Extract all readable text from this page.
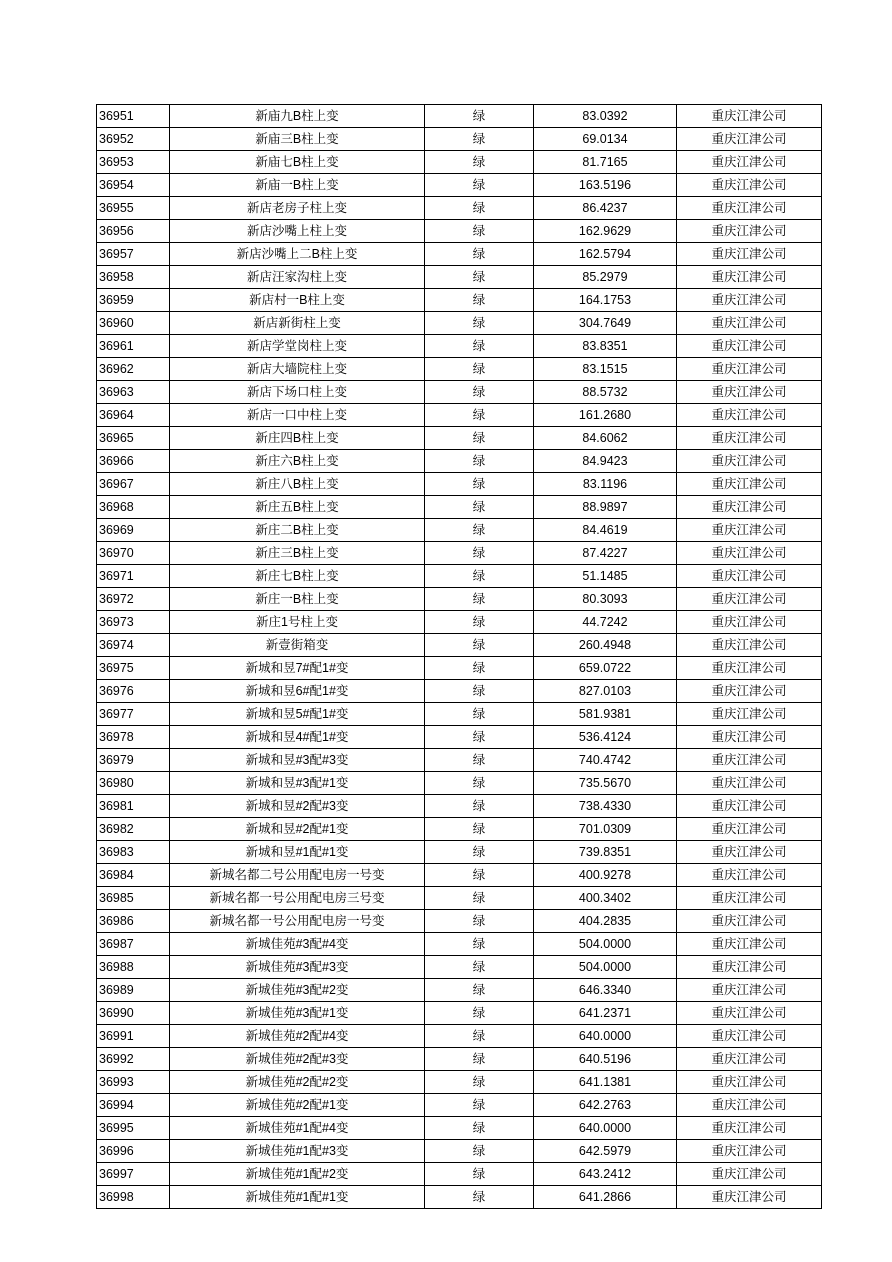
36951	新庙九B柱上变	绿	83.0392	重庆江津公司
36952	新庙三B柱上变	绿	69.0134	重庆江津公司
36953	新庙七B柱上变	绿	81.7165	重庆江津公司
36954	新庙一B柱上变	绿	163.5196	重庆江津公司
36955	新店老房子柱上变	绿	86.4237	重庆江津公司
36956	新店沙嘴上柱上变	绿	162.9629	重庆江津公司
36957	新店沙嘴上二B柱上变	绿	162.5794	重庆江津公司
36958	新店汪家沟柱上变	绿	85.2979	重庆江津公司
36959	新店村一B柱上变	绿	164.1753	重庆江津公司
36960	新店新街柱上变	绿	304.7649	重庆江津公司
36961	新店学堂岗柱上变	绿	83.8351	重庆江津公司
36962	新店大墙院柱上变	绿	83.1515	重庆江津公司
36963	新店下场口柱上变	绿	88.5732	重庆江津公司
36964	新店一口中柱上变	绿	161.2680	重庆江津公司
36965	新庄四B柱上变	绿	84.6062	重庆江津公司
36966	新庄六B柱上变	绿	84.9423	重庆江津公司
36967	新庄八B柱上变	绿	83.1196	重庆江津公司
36968	新庄五B柱上变	绿	88.9897	重庆江津公司
36969	新庄二B柱上变	绿	84.4619	重庆江津公司
36970	新庄三B柱上变	绿	87.4227	重庆江津公司
36971	新庄七B柱上变	绿	51.1485	重庆江津公司
36972	新庄一B柱上变	绿	80.3093	重庆江津公司
36973	新庄1号柱上变	绿	44.7242	重庆江津公司
36974	新壹街箱变	绿	260.4948	重庆江津公司
36975	新城和昱7#配1#变	绿	659.0722	重庆江津公司
36976	新城和昱6#配1#变	绿	827.0103	重庆江津公司
36977	新城和昱5#配1#变	绿	581.9381	重庆江津公司
36978	新城和昱4#配1#变	绿	536.4124	重庆江津公司
36979	新城和昱#3配#3变	绿	740.4742	重庆江津公司
36980	新城和昱#3配#1变	绿	735.5670	重庆江津公司
36981	新城和昱#2配#3变	绿	738.4330	重庆江津公司
36982	新城和昱#2配#1变	绿	701.0309	重庆江津公司
36983	新城和昱#1配#1变	绿	739.8351	重庆江津公司
36984	新城名都二号公用配电房一号变	绿	400.9278	重庆江津公司
36985	新城名都一号公用配电房三号变	绿	400.3402	重庆江津公司
36986	新城名都一号公用配电房一号变	绿	404.2835	重庆江津公司
36987	新城佳苑#3配#4变	绿	504.0000	重庆江津公司
36988	新城佳苑#3配#3变	绿	504.0000	重庆江津公司
36989	新城佳苑#3配#2变	绿	646.3340	重庆江津公司
36990	新城佳苑#3配#1变	绿	641.2371	重庆江津公司
36991	新城佳苑#2配#4变	绿	640.0000	重庆江津公司
36992	新城佳苑#2配#3变	绿	640.5196	重庆江津公司
36993	新城佳苑#2配#2变	绿	641.1381	重庆江津公司
36994	新城佳苑#2配#1变	绿	642.2763	重庆江津公司
36995	新城佳苑#1配#4变	绿	640.0000	重庆江津公司
36996	新城佳苑#1配#3变	绿	642.5979	重庆江津公司
36997	新城佳苑#1配#2变	绿	643.2412	重庆江津公司
36998	新城佳苑#1配#1变	绿	641.2866	重庆江津公司
